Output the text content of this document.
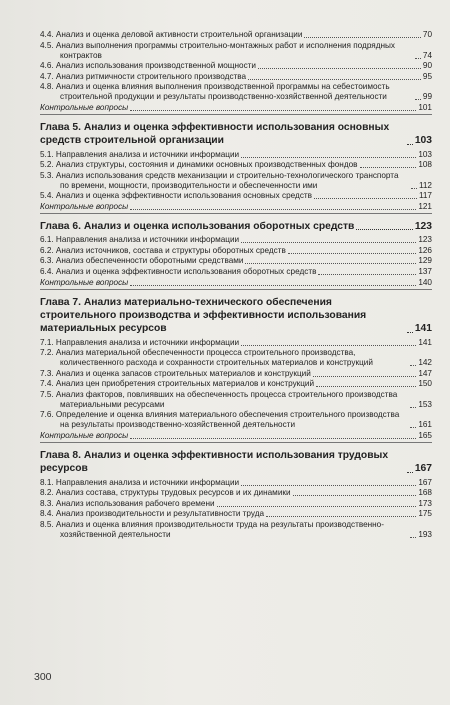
4.4. Анализ и оценка деловой активности строительной организации	70
4.5. Анализ выполнения программы строительно-монтажных работ и исполнения подрядных контрактов	74
4.6. Анализ использования производственной мощности	90
4.7. Анализ ритмичности строительного производства	95
4.8. Анализ и оценка влияния выполнения производственной программы на себестоимость строительной продукции и результаты производственно-хозяйственной деятельности	99
Контрольные вопросы	101
Глава 5. Анализ и оценка эффективности использования основных средств строительной организации	103
5.1. Направления анализа и источники информации	103
5.2. Анализ структуры, состояния и динамики основных производственных фондов	108
5.3. Анализ использования средств механизации и строительно-технологического транспорта по времени, мощности, производительности и обеспеченности ими	112
5.4. Анализ и оценка эффективности использования основных средств	117
Контрольные вопросы	121
Глава 6. Анализ и оценка использования оборотных средств	123
6.1. Направления анализа и источники информации	123
6.2. Анализ источников, состава и структуры оборотных средств	126
6.3. Анализ обеспеченности оборотными средствами	129
6.4. Анализ и оценка эффективности использования оборотных средств	137
Контрольные вопросы	140
Глава 7. Анализ материально-технического обеспечения строительного производства и эффективности использования материальных ресурсов	141
7.1. Направления анализа и источники информации	141
7.2. Анализ материальной обеспеченности процесса строительного производства, количественного расхода и сохранности строительных материалов и конструкций	142
7.3. Анализ и оценка запасов строительных материалов и конструкций	147
7.4. Анализ цен приобретения строительных материалов и конструкций	150
7.5. Анализ факторов, повлиявших на обеспеченность процесса строительного производства материальными ресурсами	153
7.6. Определение и оценка влияния материального обеспечения строительного производства на результаты производственно-хозяйственной деятельности	161
Контрольные вопросы	165
Глава 8. Анализ и оценка эффективности использования трудовых ресурсов	167
8.1. Направления анализа и источники информации	167
8.2. Анализ состава, структуры трудовых ресурсов и их динамики	168
8.3. Анализ использования рабочего времени	173
8.4. Анализ производительности и результативности труда	175
8.5. Анализ и оценка влияния производительности труда на результаты производственно-хозяйственной деятельности	193
300
